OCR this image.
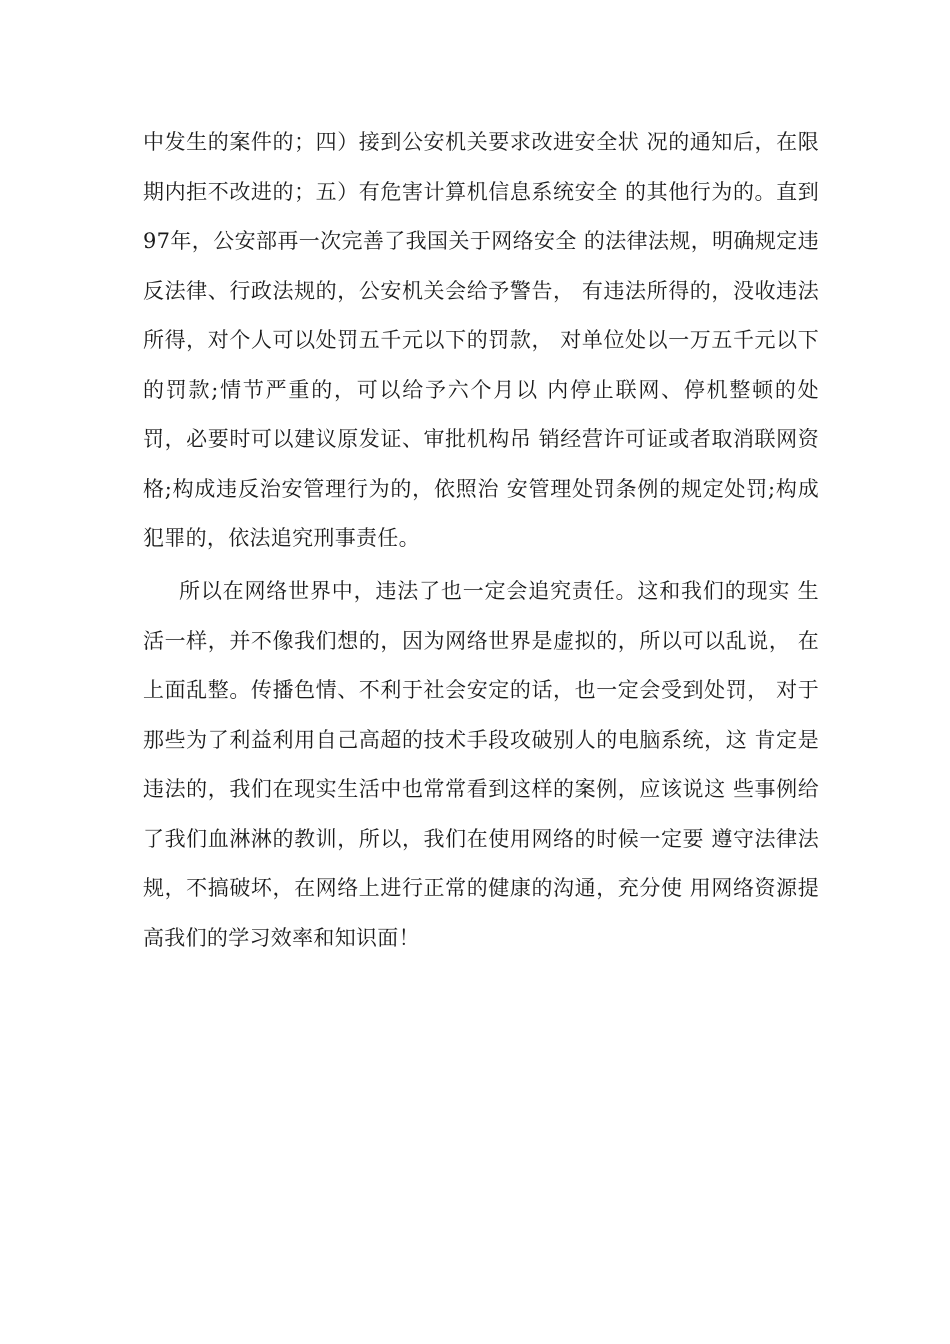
中发生的案件的；四）接到公安机关要求改进安全状 况的通知后，在限
期内拒不改进的；五）有危害计算机信息系统安全 的其他行为的。直到
97年，公安部再一次完善了我国关于网络安全 的法律法规，明确规定违
反法律、行政法规的，公安机关会给予警告， 有违法所得的，没收违法
所得，对个人可以处罚五千元以下的罚款， 对单位处以一万五千元以下
的罚款;情节严重的，可以给予六个月以 内停止联网、停机整顿的处
罚，必要时可以建议原发证、审批机构吊 销经营许可证或者取消联网资
格;构成违反治安管理行为的，依照治 安管理处罚条例的规定处罚;构成
犯罪的，依法追究刑事责任。
所以在网络世界中，违法了也一定会追究责任。这和我们的现实 生
活一样，并不像我们想的，因为网络世界是虚拟的，所以可以乱说， 在
上面乱整。传播色情、不利于社会安定的话，也一定会受到处罚， 对于
那些为了利益利用自己高超的技术手段攻破别人的电脑系统，这 肯定是
违法的，我们在现实生活中也常常看到这样的案例，应该说这 些事例给
了我们血淋淋的教训，所以，我们在使用网络的时候一定要 遵守法律法
规，不搞破坏，在网络上进行正常的健康的沟通，充分使 用网络资源提
高我们的学习效率和知识面！
